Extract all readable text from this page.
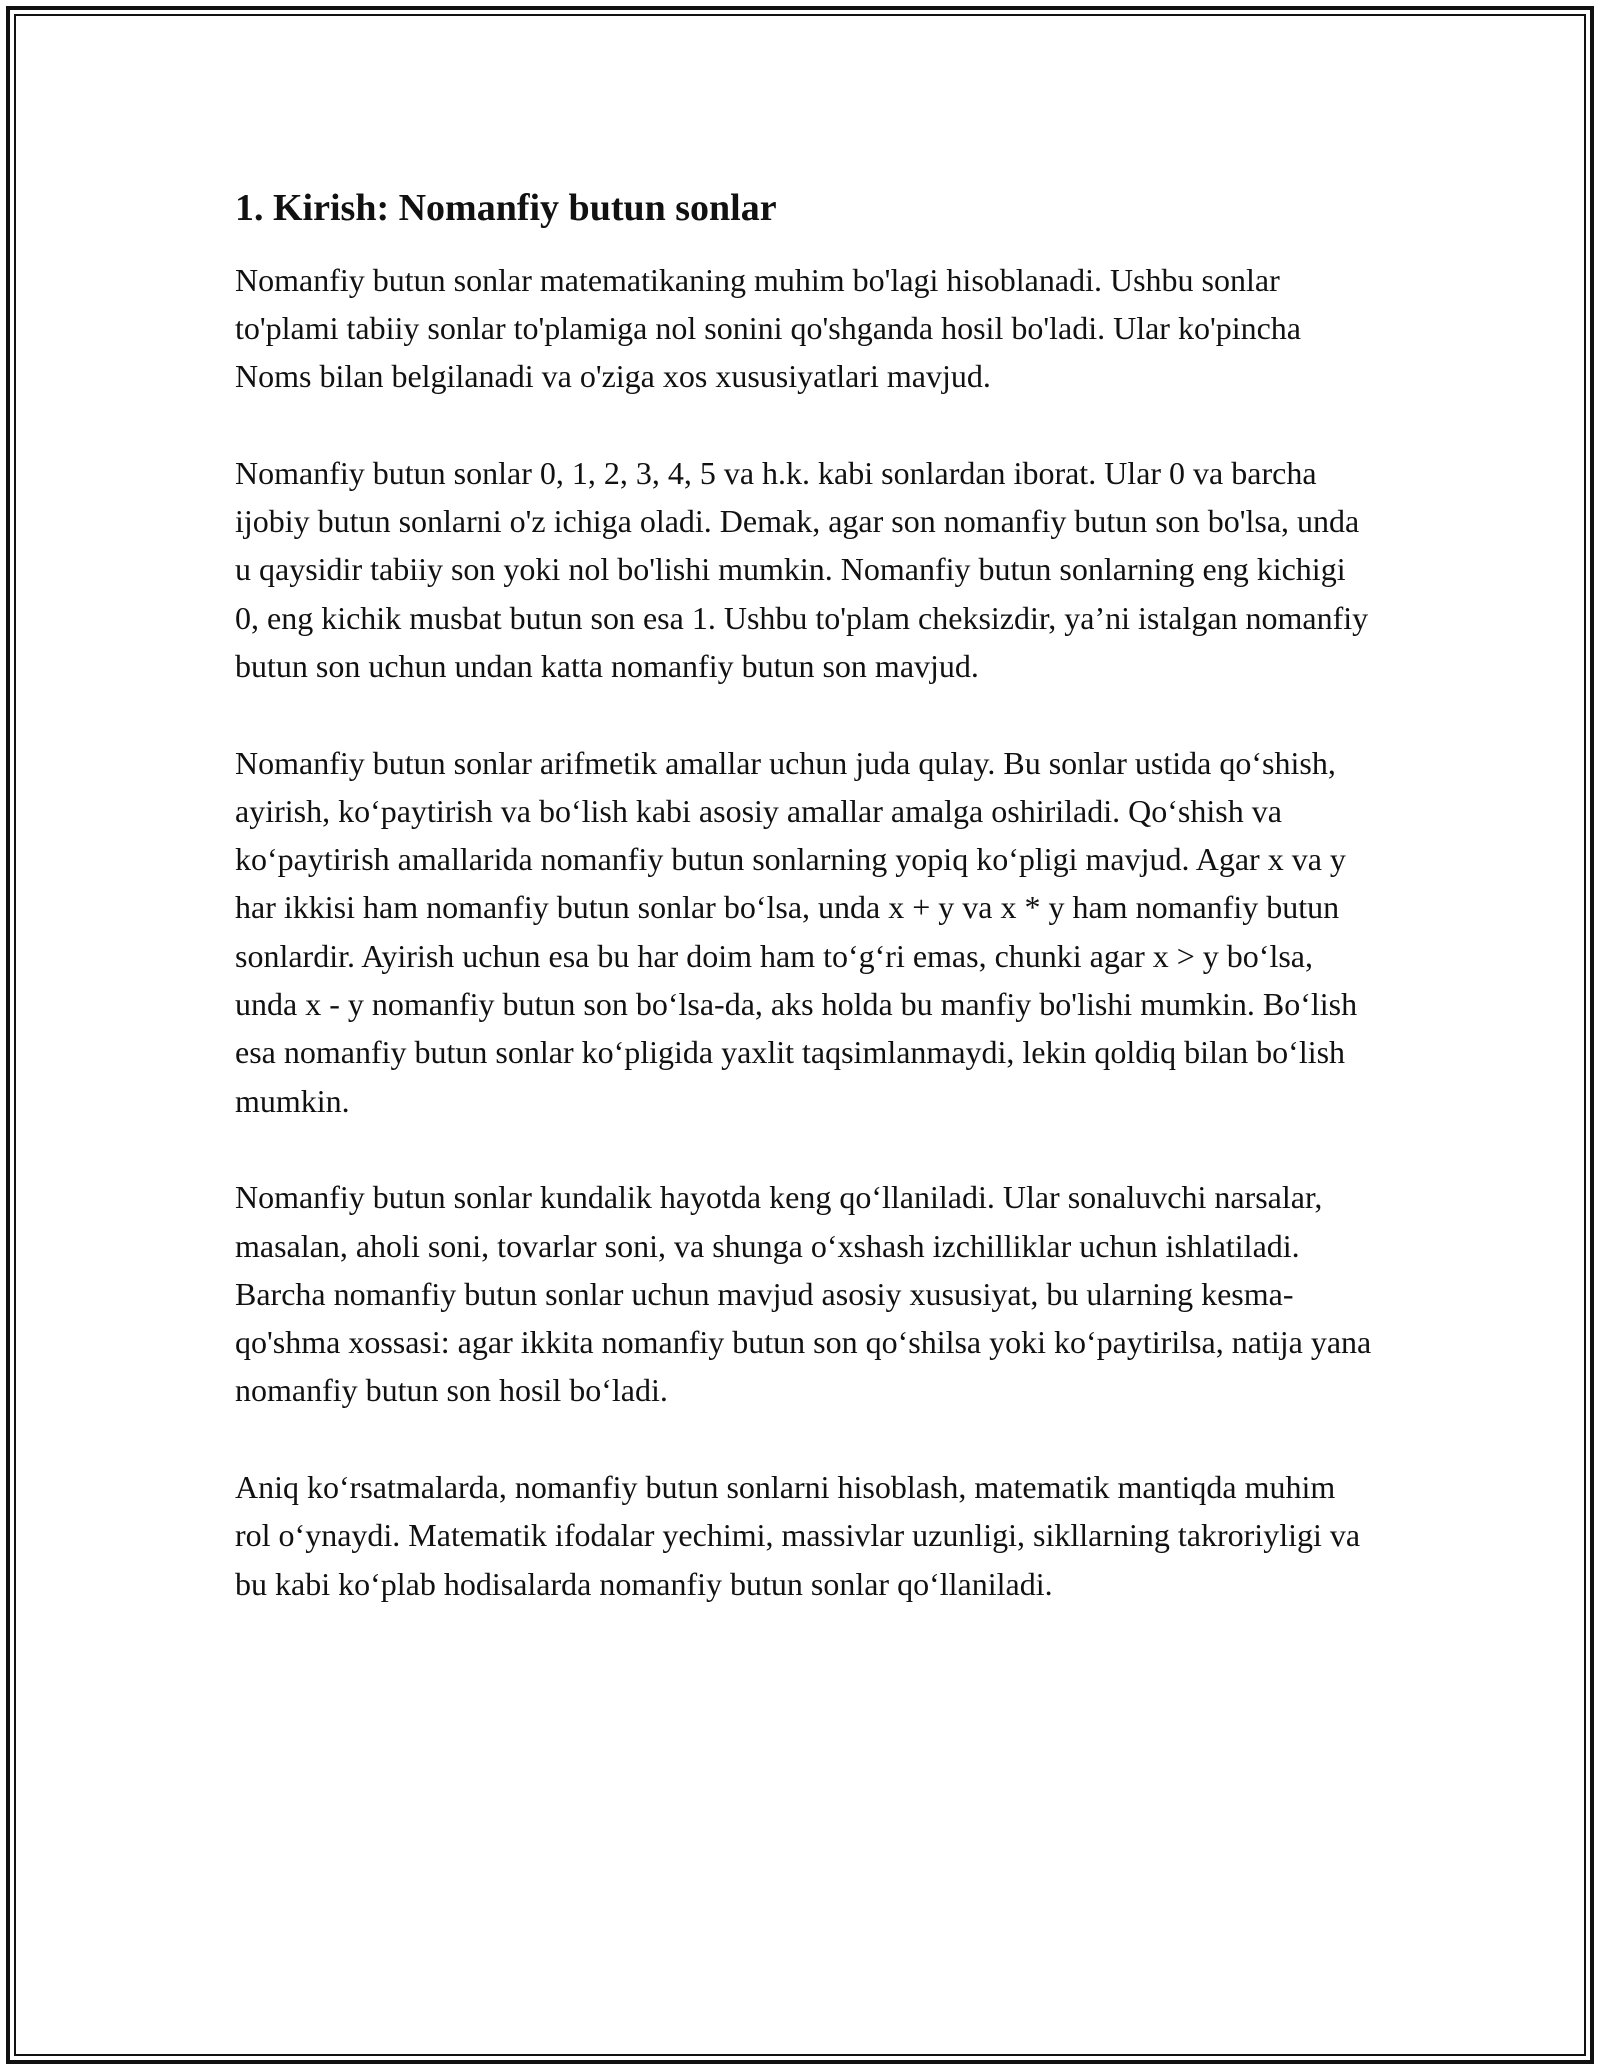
1. Kirish: Nomanfiy butun sonlar

Nomanfiy butun sonlar matematikaning muhim bo'lagi hisoblanadi. Ushbu sonlar to'plami tabiiy sonlar to'plamiga nol sonini qo'shganda hosil bo'ladi. Ular ko'pincha Noms bilan belgilanadi va o'ziga xos xususiyatlari mavjud.

Nomanfiy butun sonlar 0, 1, 2, 3, 4, 5 va h.k. kabi sonlardan iborat. Ular 0 va barcha ijobiy butun sonlarni o'z ichiga oladi. Demak, agar son nomanfiy butun son bo'lsa, unda u qaysidir tabiiy son yoki nol bo'lishi mumkin. Nomanfiy butun sonlarning eng kichigi 0, eng kichik musbat butun son esa 1. Ushbu to'plam cheksizdir, ya’ni istalgan nomanfiy butun son uchun undan katta nomanfiy butun son mavjud.

Nomanfiy butun sonlar arifmetik amallar uchun juda qulay. Bu sonlar ustida qo‘shish, ayirish, ko‘paytirish va bo‘lish kabi asosiy amallar amalga oshiriladi. Qo‘shish va ko‘paytirish amallarida nomanfiy butun sonlarning yopiq ko‘pligi mavjud. Agar x va y har ikkisi ham nomanfiy butun sonlar bo‘lsa, unda x + y va x * y ham nomanfiy butun sonlardir. Ayirish uchun esa bu har doim ham to‘g‘ri emas, chunki agar x > y bo‘lsa, unda x - y nomanfiy butun son bo‘lsa-da, aks holda bu manfiy bo'lishi mumkin. Bo‘lish esa nomanfiy butun sonlar ko‘pligida yaxlit taqsimlanmaydi, lekin qoldiq bilan bo‘lish mumkin.

Nomanfiy butun sonlar kundalik hayotda keng qo‘llaniladi. Ular sonaluvchi narsalar, masalan, aholi soni, tovarlar soni, va shunga o‘xshash izchilliklar uchun ishlatiladi. Barcha nomanfiy butun sonlar uchun mavjud asosiy xususiyat, bu ularning kesma-qo'shma xossasi: agar ikkita nomanfiy butun son qo‘shilsa yoki ko‘paytirilsa, natija yana nomanfiy butun son hosil bo‘ladi.

Aniq ko‘rsatmalarda, nomanfiy butun sonlarni hisoblash, matematik mantiqda muhim rol o‘ynaydi. Matematik ifodalar yechimi, massivlar uzunligi, sikllarning takroriyligi va bu kabi ko‘plab hodisalarda nomanfiy butun sonlar qo‘llaniladi.
